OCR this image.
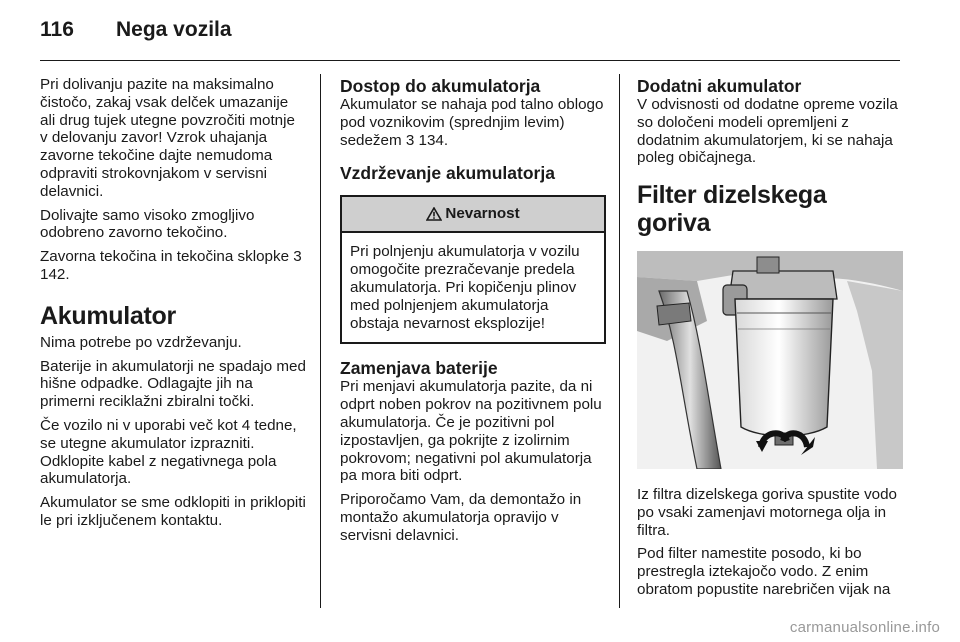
116 Nega vozila

Pri dolivanju pazite na maksimalno čistočo, zakaj vsak delček umazanije ali drug tujek utegne povzročiti motnje v delovanju zavor! Vzrok uhajanja zavorne tekočine dajte nemudoma odpraviti strokovnjakom v servisni delavnici.

Dolivajte samo visoko zmogljivo odobreno zavorno tekočino.

Zavorna tekočina in tekočina sklopke 3 142.

Akumulator

Nima potrebe po vzdrževanju.

Baterije in akumulatorji ne spadajo med hišne odpadke. Odlagajte jih na primerni reciklažni zbiralni točki.

Če vozilo ni v uporabi več kot 4 tedne, se utegne akumulator izprazniti. Odklopite kabel z negativnega pola akumulatorja.

Akumulator se sme odklopiti in priklopiti le pri izključenem kontaktu.

Dostop do akumulatorja

Akumulator se nahaja pod talno oblogo pod voznikovim (sprednjim levim) sedežem 3 134.

Vzdrževanje akumulatorja
Nevarnost
Pri polnjenju akumulatorja v vozilu omogočite prezračevanje predela akumulatorja. Pri kopičenju plinov med polnjenjem akumulatorja obstaja nevarnost eksplozije!
Zamenjava baterije

Pri menjavi akumulatorja pazite, da ni odprt noben pokrov na pozitivnem polu akumulatorja. Če je pozitivni pol izpostavljen, ga pokrijte z izolirnim pokrovom; negativni pol akumulatorja pa mora biti odprt.

Priporočamo Vam, da demontažo in montažo akumulatorja opravijo v servisni delavnici.

Dodatni akumulator

V odvisnosti od dodatne opreme vozila so določeni modeli opremljeni z dodatnim akumulatorjem, ki se nahaja poleg običajnega.

Filter dizelskega goriva

Iz filtra dizelskega goriva spustite vodo po vsaki zamenjavi motornega olja in filtra.

Pod filter namestite posodo, ki bo prestregla iztekajočo vodo. Z enim obratom popustite narebričen vijak na

carmanualsonline.info
